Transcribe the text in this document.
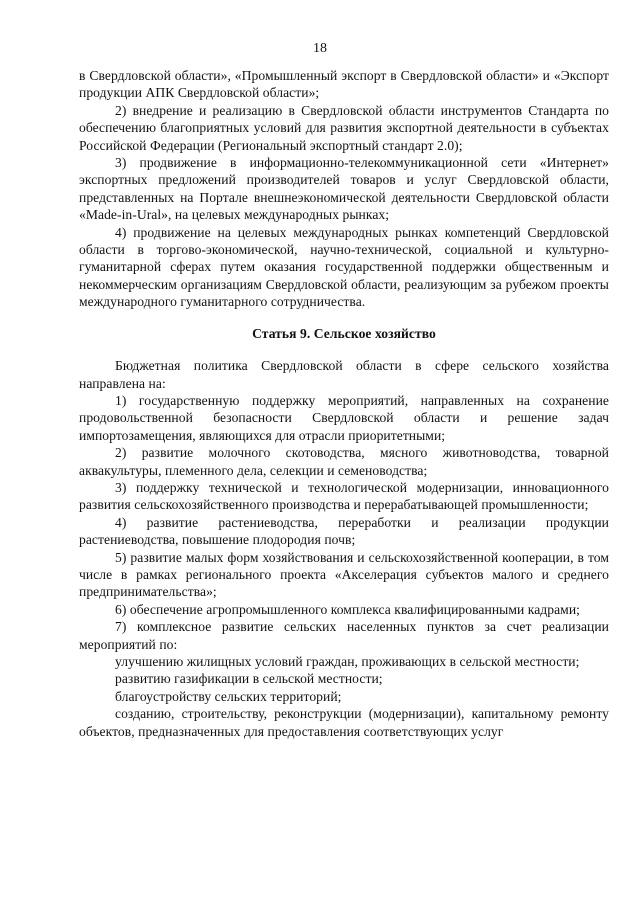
18

в Свердловской области», «Промышленный экспорт в Свердловской области» и «Экспорт продукции АПК Свердловской области»;

2) внедрение и реализацию в Свердловской области инструментов Стандарта по обеспечению благоприятных условий для развития экспортной деятельности в субъектах Российской Федерации (Региональный экспортный стандарт 2.0);

3) продвижение в информационно-телекоммуникационной сети «Интернет» экспортных предложений производителей товаров и услуг Свердловской области, представленных на Портале внешнеэкономической деятельности Свердловской области «Made-in-Ural», на целевых международных рынках;

4) продвижение на целевых международных рынках компетенций Свердловской области в торгово-экономической, научно-технической, социальной и культурно-гуманитарной сферах путем оказания государственной поддержки общественным и некоммерческим организациям Свердловской области, реализующим за рубежом проекты международного гуманитарного сотрудничества.

Статья 9. Сельское хозяйство

Бюджетная политика Свердловской области в сфере сельского хозяйства направлена на:

1) государственную поддержку мероприятий, направленных на сохранение продовольственной безопасности Свердловской области и решение задач импортозамещения, являющихся для отрасли приоритетными;

2) развитие молочного скотоводства, мясного животноводства, товарной аквакультуры, племенного дела, селекции и семеноводства;

3) поддержку технической и технологической модернизации, инновационного развития сельскохозяйственного производства и перерабатывающей промышленности;

4) развитие растениеводства, переработки и реализации продукции растениеводства, повышение плодородия почв;

5) развитие малых форм хозяйствования и сельскохозяйственной кооперации, в том числе в рамках регионального проекта «Акселерация субъектов малого и среднего предпринимательства»;

6) обеспечение агропромышленного комплекса квалифицированными кадрами;

7) комплексное развитие сельских населенных пунктов за счет реализации мероприятий по:

улучшению жилищных условий граждан, проживающих в сельской местности;

развитию газификации в сельской местности;

благоустройству сельских территорий;

созданию, строительству, реконструкции (модернизации), капитальному ремонту объектов, предназначенных для предоставления соответствующих услуг
